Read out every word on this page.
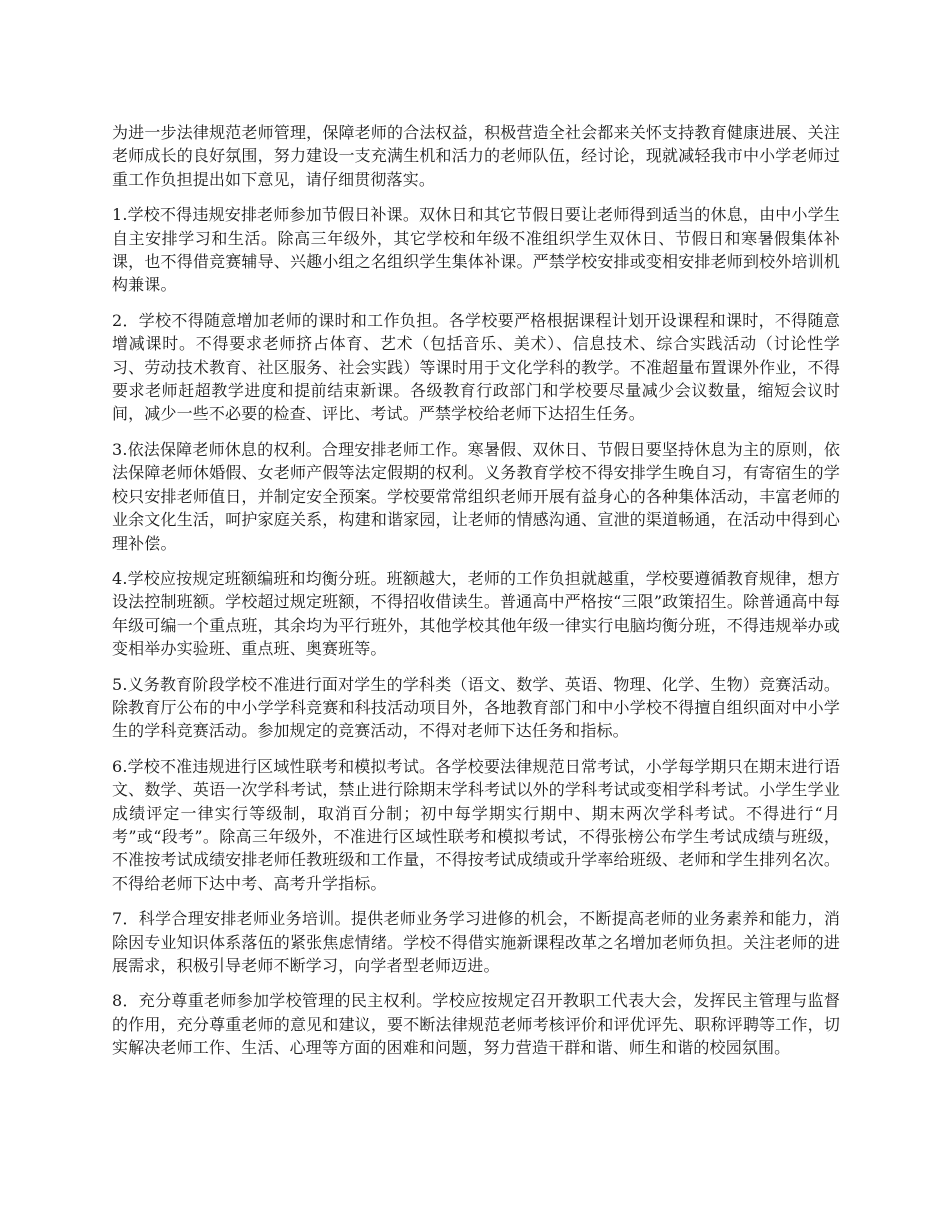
为进一步法律规范老师管理，保障老师的合法权益，积极营造全社会都来关怀支持教育健康进展、关注老师成长的良好氛围，努力建设一支充满生机和活力的老师队伍，经讨论，现就减轻我市中小学老师过重工作负担提出如下意见，请仔细贯彻落实。

1.学校不得违规安排老师参加节假日补课。双休日和其它节假日要让老师得到适当的休息，由中小学生自主安排学习和生活。除高三年级外，其它学校和年级不准组织学生双休日、节假日和寒暑假集体补课，也不得借竞赛辅导、兴趣小组之名组织学生集体补课。严禁学校安排或变相安排老师到校外培训机构兼课。

2．学校不得随意增加老师的课时和工作负担。各学校要严格根据课程计划开设课程和课时，不得随意增减课时。不得要求老师挤占体育、艺术（包括音乐、美术）、信息技术、综合实践活动（讨论性学习、劳动技术教育、社区服务、社会实践）等课时用于文化学科的教学。不准超量布置课外作业，不得要求老师赶超教学进度和提前结束新课。各级教育行政部门和学校要尽量减少会议数量，缩短会议时间，减少一些不必要的检查、评比、考试。严禁学校给老师下达招生任务。

3.依法保障老师休息的权利。合理安排老师工作。寒暑假、双休日、节假日要坚持休息为主的原则，依法保障老师休婚假、女老师产假等法定假期的权利。义务教育学校不得安排学生晚自习，有寄宿生的学校只安排老师值日，并制定安全预案。学校要常常组织老师开展有益身心的各种集体活动，丰富老师的业余文化生活，呵护家庭关系，构建和谐家园，让老师的情感沟通、宣泄的渠道畅通，在活动中得到心理补偿。

4.学校应按规定班额编班和均衡分班。班额越大，老师的工作负担就越重，学校要遵循教育规律，想方设法控制班额。学校超过规定班额，不得招收借读生。普通高中严格按“三限”政策招生。除普通高中每年级可编一个重点班，其余均为平行班外，其他学校其他年级一律实行电脑均衡分班，不得违规举办或变相举办实验班、重点班、奥赛班等。

5.义务教育阶段学校不准进行面对学生的学科类（语文、数学、英语、物理、化学、生物）竞赛活动。除教育厅公布的中小学学科竞赛和科技活动项目外，各地教育部门和中小学校不得擅自组织面对中小学生的学科竞赛活动。参加规定的竞赛活动，不得对老师下达任务和指标。

6.学校不准违规进行区域性联考和模拟考试。各学校要法律规范日常考试，小学每学期只在期末进行语文、数学、英语一次学科考试，禁止进行除期末学科考试以外的学科考试或变相学科考试。小学生学业成绩评定一律实行等级制，取消百分制；初中每学期实行期中、期末两次学科考试。不得进行“月考”或“段考”。除高三年级外，不准进行区域性联考和模拟考试，不得张榜公布学生考试成绩与班级，不准按考试成绩安排老师任教班级和工作量，不得按考试成绩或升学率给班级、老师和学生排列名次。不得给老师下达中考、高考升学指标。

7．科学合理安排老师业务培训。提供老师业务学习进修的机会，不断提高老师的业务素养和能力，消除因专业知识体系落伍的紧张焦虑情绪。学校不得借实施新课程改革之名增加老师负担。关注老师的进展需求，积极引导老师不断学习，向学者型老师迈进。

8．充分尊重老师参加学校管理的民主权利。学校应按规定召开教职工代表大会，发挥民主管理与监督的作用，充分尊重老师的意见和建议，要不断法律规范老师考核评价和评优评先、职称评聘等工作，切实解决老师工作、生活、心理等方面的困难和问题，努力营造干群和谐、师生和谐的校园氛围。
